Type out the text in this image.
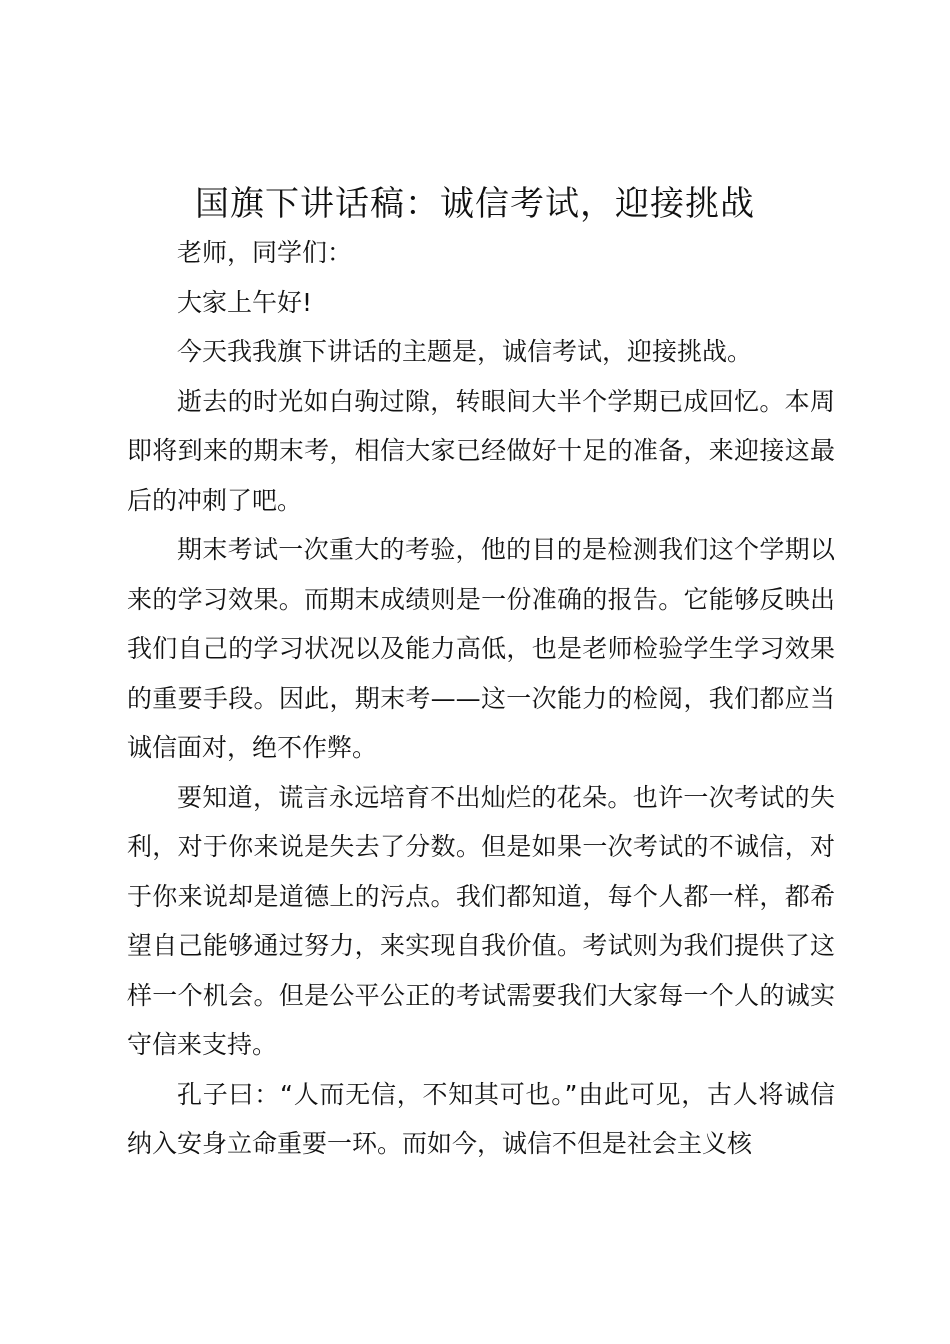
国旗下讲话稿：诚信考试，迎接挑战

老师，同学们：

大家上午好!

今天我我旗下讲话的主题是，诚信考试，迎接挑战。

逝去的时光如白驹过隙，转眼间大半个学期已成回忆。本周即将到来的期末考，相信大家已经做好十足的准备，来迎接这最后的冲刺了吧。

期末考试一次重大的考验，他的目的是检测我们这个学期以来的学习效果。而期末成绩则是一份准确的报告。它能够反映出我们自己的学习状况以及能力高低，也是老师检验学生学习效果的重要手段。因此，期末考——这一次能力的检阅，我们都应当诚信面对，绝不作弊。

要知道，谎言永远培育不出灿烂的花朵。也许一次考试的失利，对于你来说是失去了分数。但是如果一次考试的不诚信，对于你来说却是道德上的污点。我们都知道，每个人都一样，都希望自己能够通过努力，来实现自我价值。考试则为我们提供了这样一个机会。但是公平公正的考试需要我们大家每一个人的诚实守信来支持。

孔子曰：“人而无信，不知其可也。”由此可见，古人将诚信纳入安身立命重要一环。而如今，诚信不但是社会主义核
